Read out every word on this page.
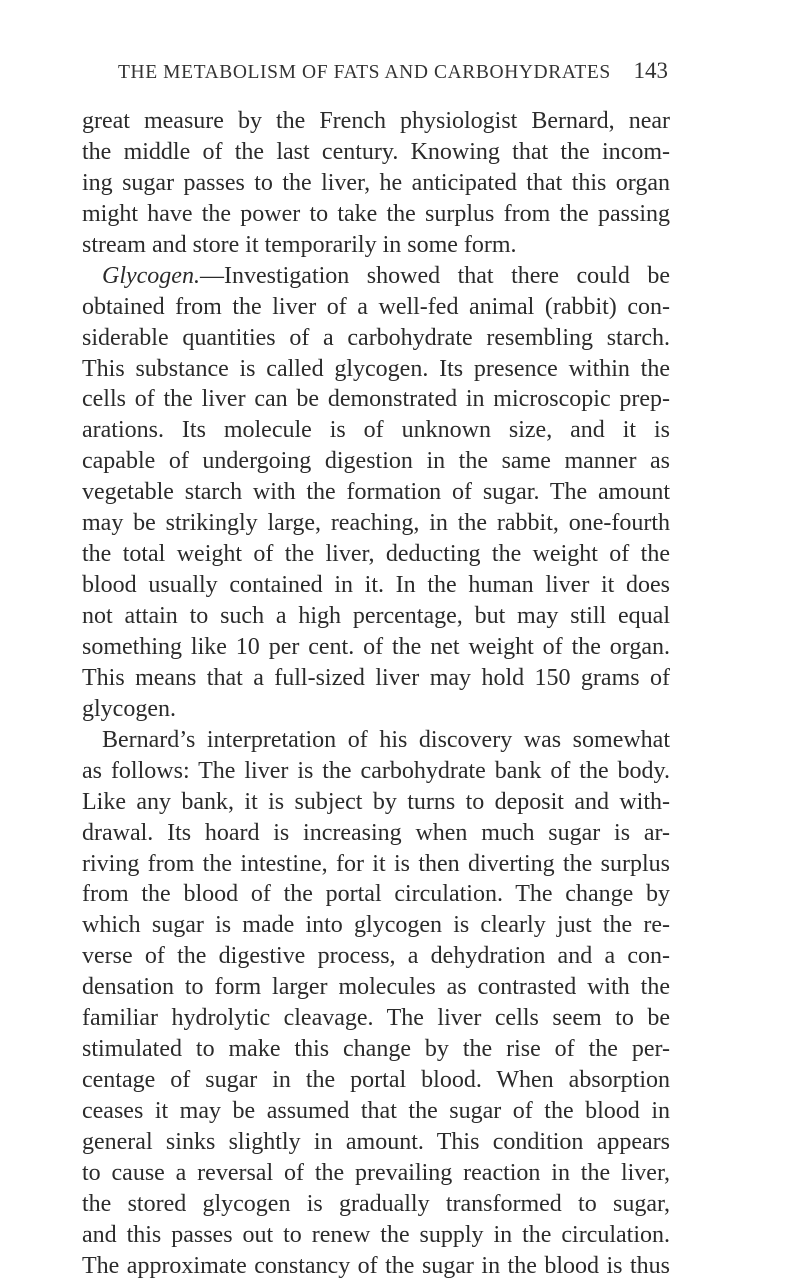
THE METABOLISM OF FATS AND CARBOHYDRATES 143
great measure by the French physiologist Bernard, near
the middle of the last century. Knowing that the incom-
ing sugar passes to the liver, he anticipated that this organ
might have the power to take the surplus from the passing
stream and store it temporarily in some form.
Glycogen.—Investigation showed that there could be
obtained from the liver of a well-fed animal (rabbit) con-
siderable quantities of a carbohydrate resembling starch.
This substance is called glycogen. Its presence within the
cells of the liver can be demonstrated in microscopic prep-
arations. Its molecule is of unknown size, and it is
capable of undergoing digestion in the same manner as
vegetable starch with the formation of sugar. The amount
may be strikingly large, reaching, in the rabbit, one-fourth
the total weight of the liver, deducting the weight of the
blood usually contained in it. In the human liver it does
not attain to such a high percentage, but may still equal
something like 10 per cent. of the net weight of the organ.
This means that a full-sized liver may hold 150 grams of
glycogen.
Bernard’s interpretation of his discovery was somewhat
as follows: The liver is the carbohydrate bank of the body.
Like any bank, it is subject by turns to deposit and with-
drawal. Its hoard is increasing when much sugar is ar-
riving from the intestine, for it is then diverting the surplus
from the blood of the portal circulation. The change by
which sugar is made into glycogen is clearly just the re-
verse of the digestive process, a dehydration and a con-
densation to form larger molecules as contrasted with the
familiar hydrolytic cleavage. The liver cells seem to be
stimulated to make this change by the rise of the per-
centage of sugar in the portal blood. When absorption
ceases it may be assumed that the sugar of the blood in
general sinks slightly in amount. This condition appears
to cause a reversal of the prevailing reaction in the liver,
the stored glycogen is gradually transformed to sugar,
and this passes out to renew the supply in the circulation.
The approximate constancy of the sugar in the blood is thus
